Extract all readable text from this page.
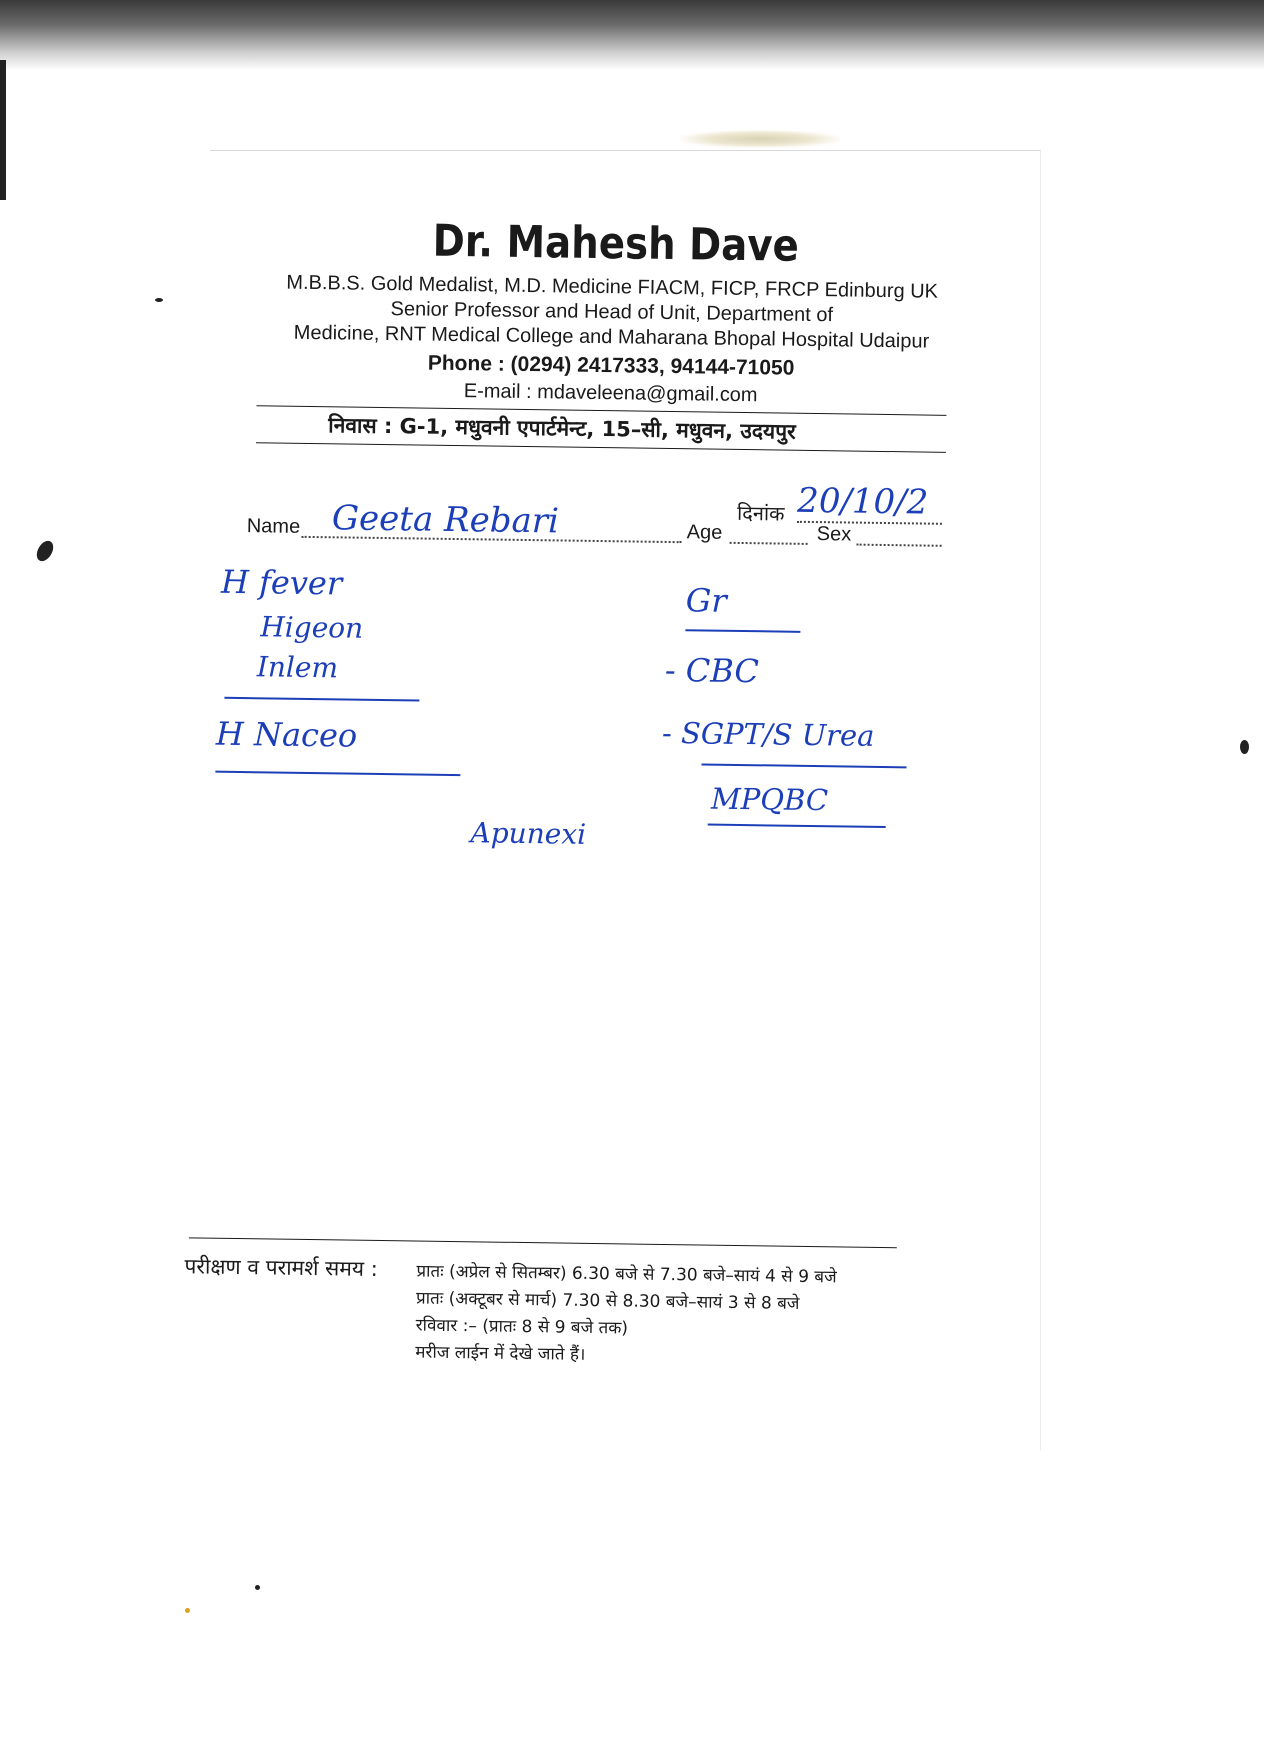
Dr. Mahesh Dave
M.B.B.S. Gold Medalist, M.D. Medicine FIACM, FICP, FRCP Edinburg UK
Senior Professor and Head of Unit, Department of
Medicine, RNT Medical College and Maharana Bhopal Hospital Udaipur
Phone : (0294) 2417333, 94144-71050
E-mail : mdaveleena@gmail.com
निवास : G-1, मधुवनी एपार्टमेन्ट, 15–सी, मधुवन, उदयपुर
दिनांक 20/10/2
Name Geeta Rebari	Age	Sex
H fever
Higeon
Inlem
H Naceo
Gr
- CBC
- SGPT/S Urea
MPQBC
Apunexi
परीक्षण व परामर्श समय : प्रातः (अप्रेल से सितम्बर) 6.30 बजे से 7.30 बजे–सायं 4 से 9 बजे
प्रातः (अक्टूबर से मार्च) 7.30 से 8.30 बजे–सायं 3 से 8 बजे
रविवार :– (प्रातः 8 से 9 बजे तक)
मरीज लाईन में देखे जाते हैं।
